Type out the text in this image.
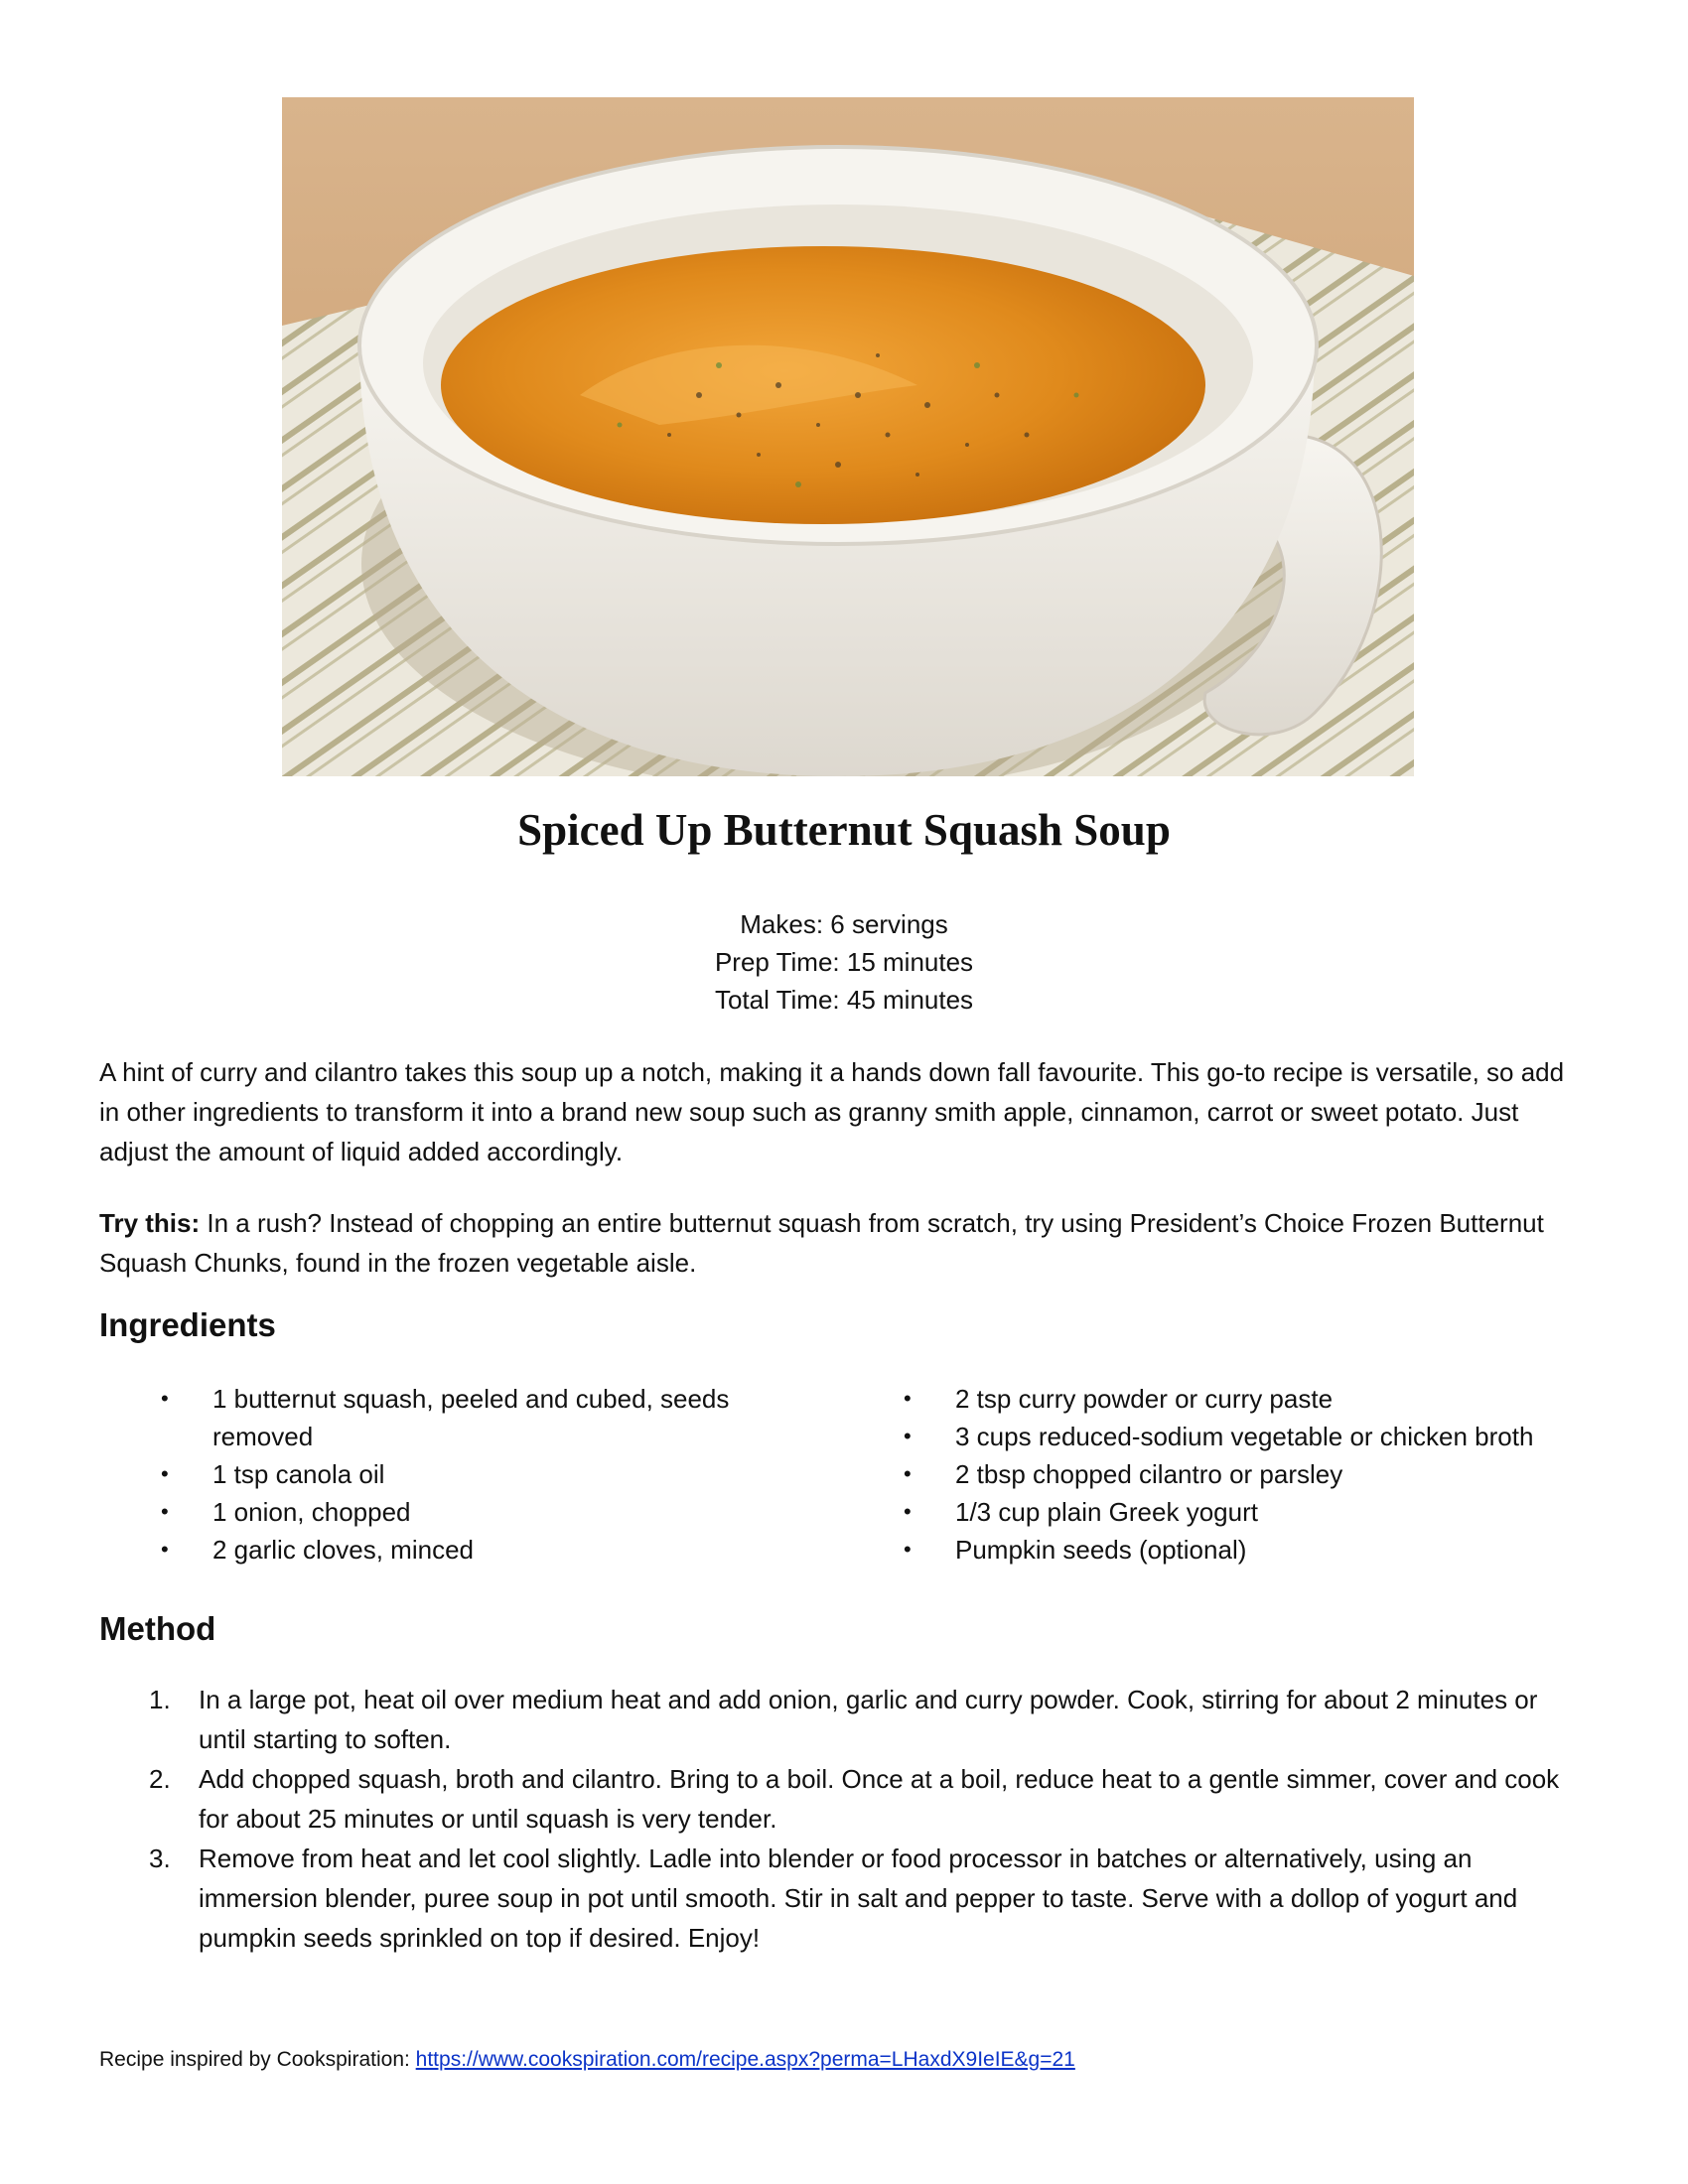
Spiced Up Butternut Squash Soup
Makes: 6 servings
Prep Time: 15 minutes
Total Time: 45 minutes

A hint of curry and cilantro takes this soup up a notch, making it a hands down fall favourite. This go-to recipe is versatile, so add in other ingredients to transform it into a brand new soup such as granny smith apple, cinnamon, carrot or sweet potato. Just adjust the amount of liquid added accordingly.

Try this: In a rush? Instead of chopping an entire butternut squash from scratch, try using President’s Choice Frozen Butternut Squash Chunks, found in the frozen vegetable aisle.

Ingredients
• 1 butternut squash, peeled and cubed, seeds removed
• 1 tsp canola oil
• 1 onion, chopped
• 2 garlic cloves, minced
• 2 tsp curry powder or curry paste
• 3 cups reduced-sodium vegetable or chicken broth
• 2 tbsp chopped cilantro or parsley
• 1/3 cup plain Greek yogurt
• Pumpkin seeds (optional)
Method
1. In a large pot, heat oil over medium heat and add onion, garlic and curry powder. Cook, stirring for about 2 minutes or until starting to soften.
2. Add chopped squash, broth and cilantro. Bring to a boil. Once at a boil, reduce heat to a gentle simmer, cover and cook for about 25 minutes or until squash is very tender.
3. Remove from heat and let cool slightly. Ladle into blender or food processor in batches or alternatively, using an immersion blender, puree soup in pot until smooth. Stir in salt and pepper to taste. Serve with a dollop of yogurt and pumpkin seeds sprinkled on top if desired. Enjoy!
Recipe inspired by Cookspiration: https://www.cookspiration.com/recipe.aspx?perma=LHaxdX9IeIE&g=21
